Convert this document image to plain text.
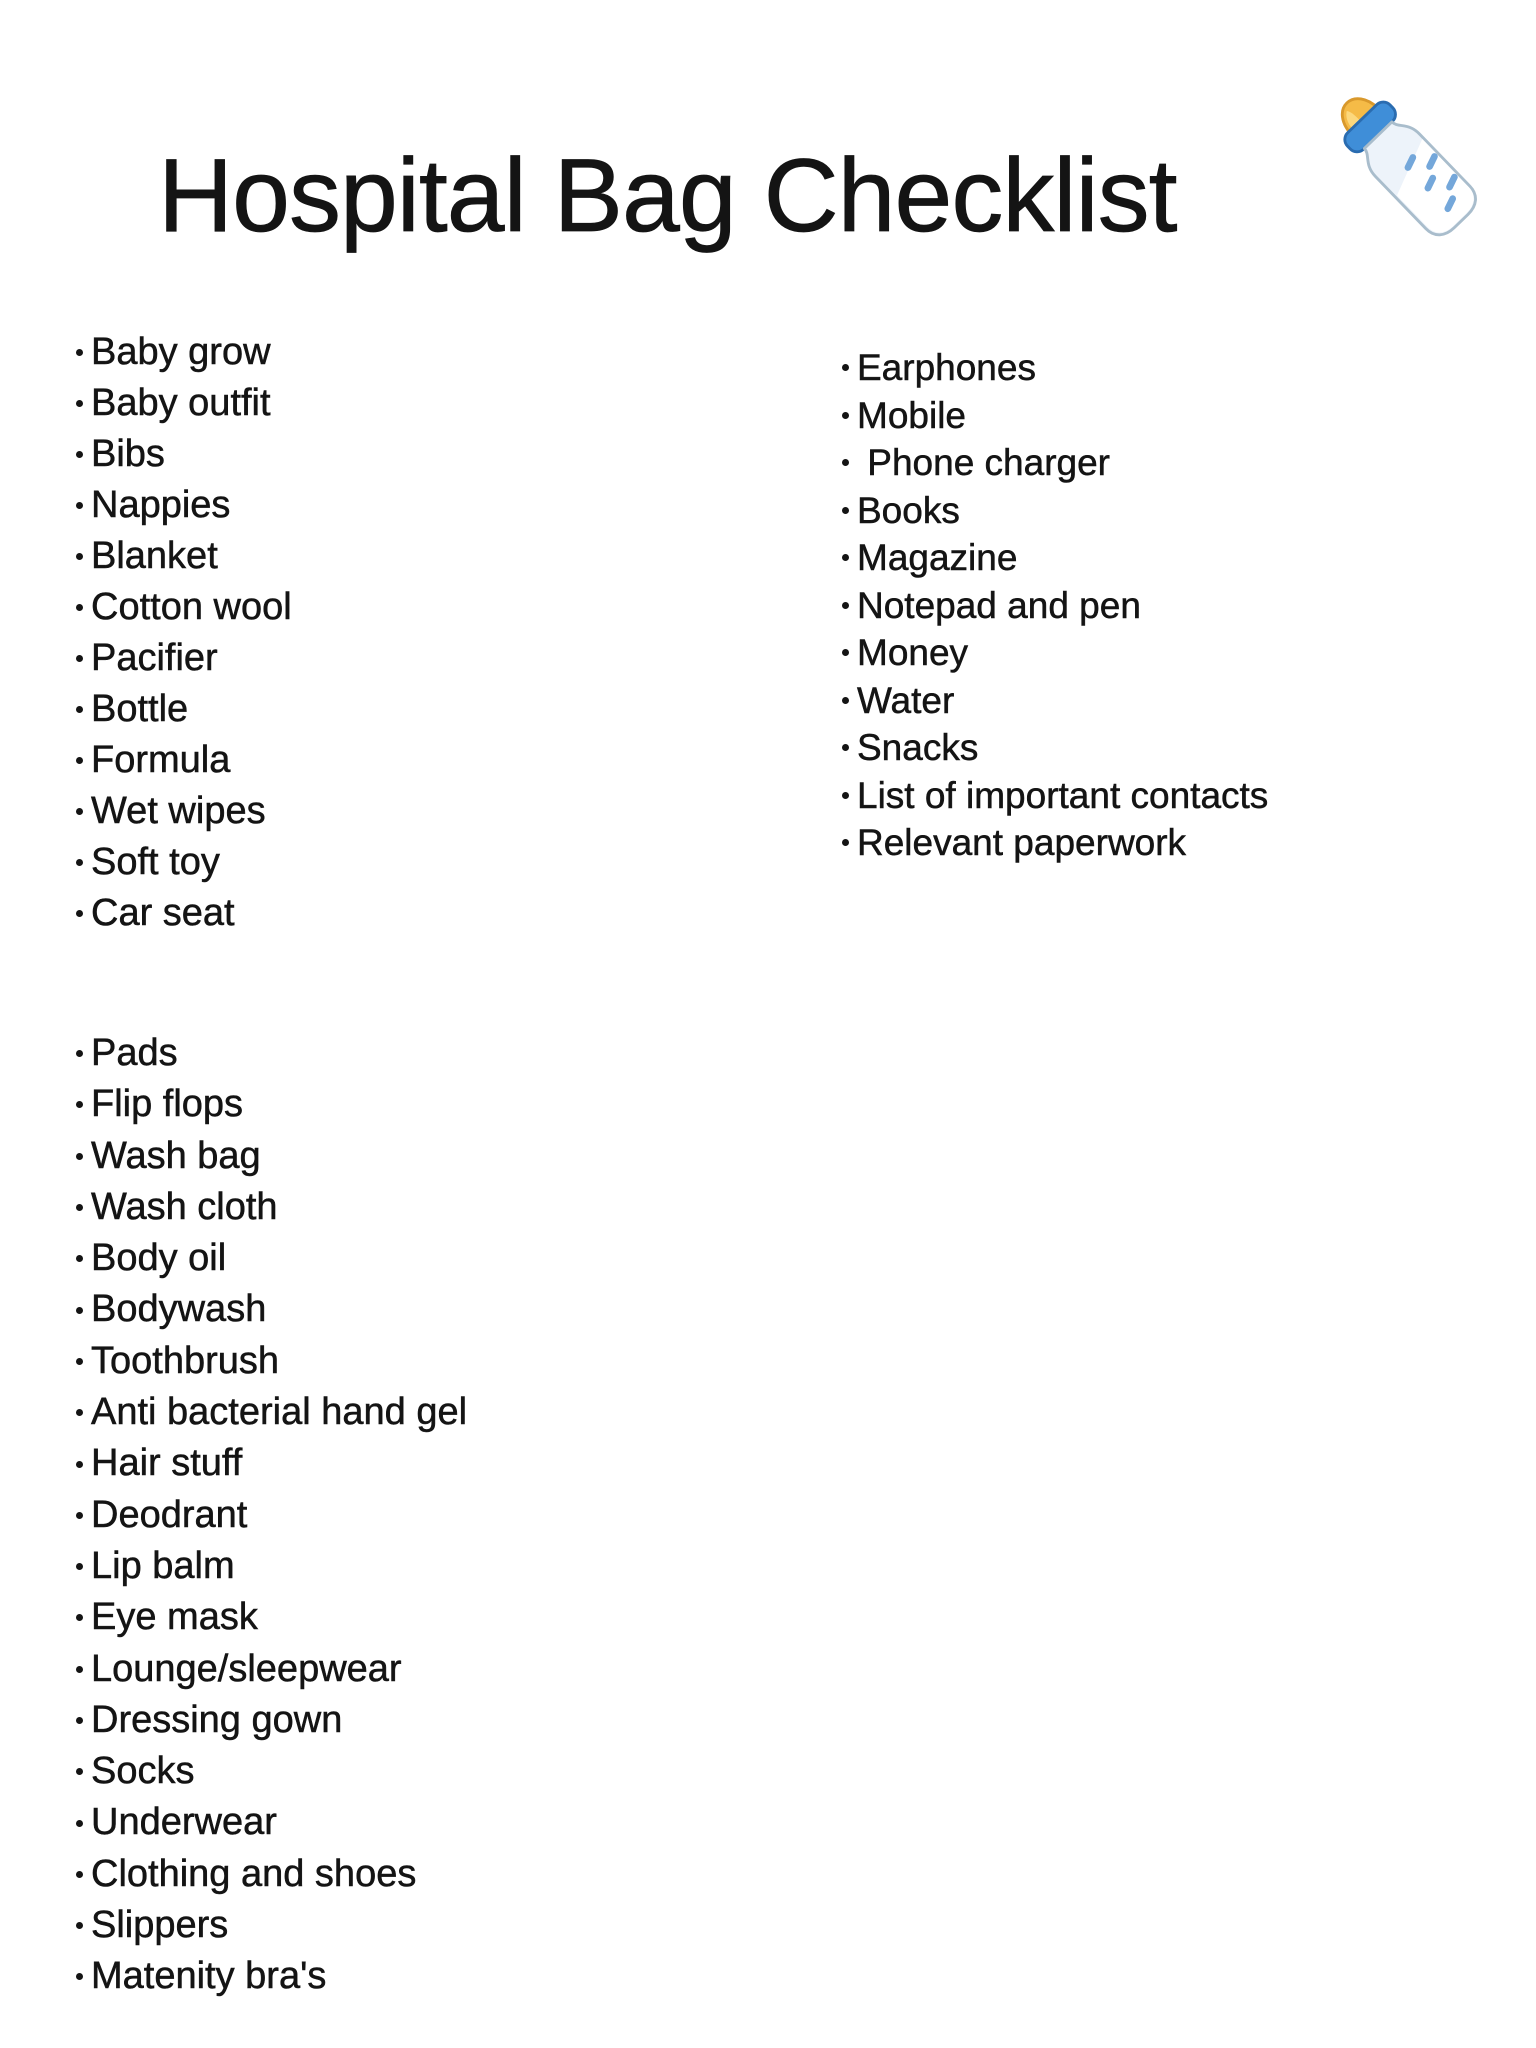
Hospital Bag Checklist
Baby grow
Baby outfit
Bibs
Nappies
Blanket
Cotton wool
Pacifier
Bottle
Formula
Wet wipes
Soft toy
Car seat
Earphones
Mobile
Phone charger
Books
Magazine
Notepad and pen
Money
Water
Snacks
List of important contacts
Relevant paperwork
Pads
Flip flops
Wash bag
Wash cloth
Body oil
Bodywash
Toothbrush
Anti bacterial hand gel
Hair stuff
Deodrant
Lip balm
Eye mask
Lounge/sleepwear
Dressing gown
Socks
Underwear
Clothing and shoes
Slippers
Matenity bra's
